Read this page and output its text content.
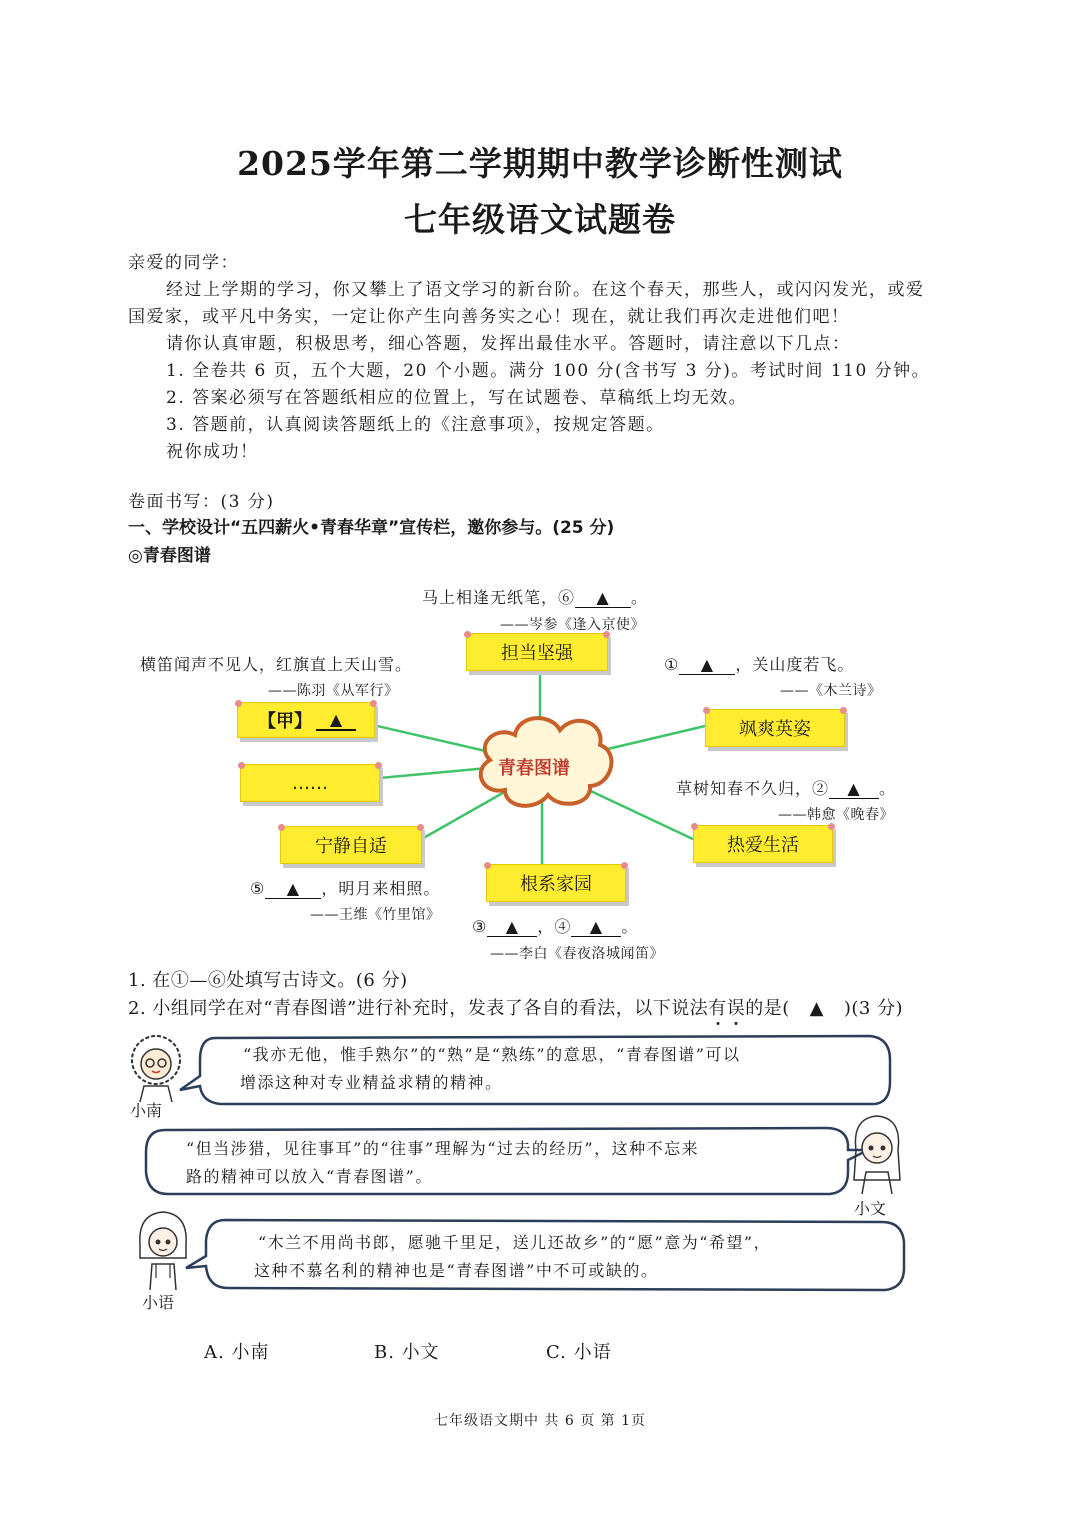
2025学年第二学期期中教学诊断性测试
七年级语文试题卷
亲爱的同学：
经过上学期的学习，你又攀上了语文学习的新台阶。在这个春天，那些人，或闪闪发光，或爱
国爱家，或平凡中务实，一定让你产生向善务实之心！现在，就让我们再次走进他们吧！
请你认真审题，积极思考，细心答题，发挥出最佳水平。答题时，请注意以下几点：
1. 全卷共 6 页，五个大题，20 个小题。满分 100 分(含书写 3 分)。考试时间 110 分钟。
2. 答案必须写在答题纸相应的位置上，写在试题卷、草稿纸上均无效。
3. 答题前，认真阅读答题纸上的《注意事项》，按规定答题。
祝你成功！
卷面书写：(3 分)
一、学校设计“五四薪火•青春华章”宣传栏，邀你参与。(25 分)
◎青春图谱
青春图谱
担当坚强
【甲】	▲
……
宁静自适
根系家园
飒爽英姿
热爱生活
马上相逢无纸笔，⑥ ▲ 。
——岑参《逢入京使》
横笛闻声不见人，红旗直上天山雪。
——陈羽《从军行》
① ▲ ，关山度若飞。
——《木兰诗》
草树知春不久归，② ▲ 。
——韩愈《晚春》
⑤ ▲ ，明月来相照。
——王维《竹里馆》
③ ▲ ，④ ▲ 。
——李白《春夜洛城闻笛》
1. 在①—⑥处填写古诗文。(6 分)
2. 小组同学在对“青春图谱”进行补充时，发表了各自的看法，以下说法有误的是( ▲ )(3 分)
“我亦无他，惟手熟尔”的“熟”是“熟练”的意思，“青春图谱”可以
增添这种对专业精益求精的精神。
“但当涉猎，见往事耳”的“往事”理解为“过去的经历”，这种不忘来
路的精神可以放入“青春图谱”。
“木兰不用尚书郎，愿驰千里足，送儿还故乡”的“愿”意为“希望”，
这种不慕名利的精神也是“青春图谱”中不可或缺的。
小南
小文
小语
A. 小南	B. 小文	C. 小语
七年级语文期中 共 6 页 第 1页
